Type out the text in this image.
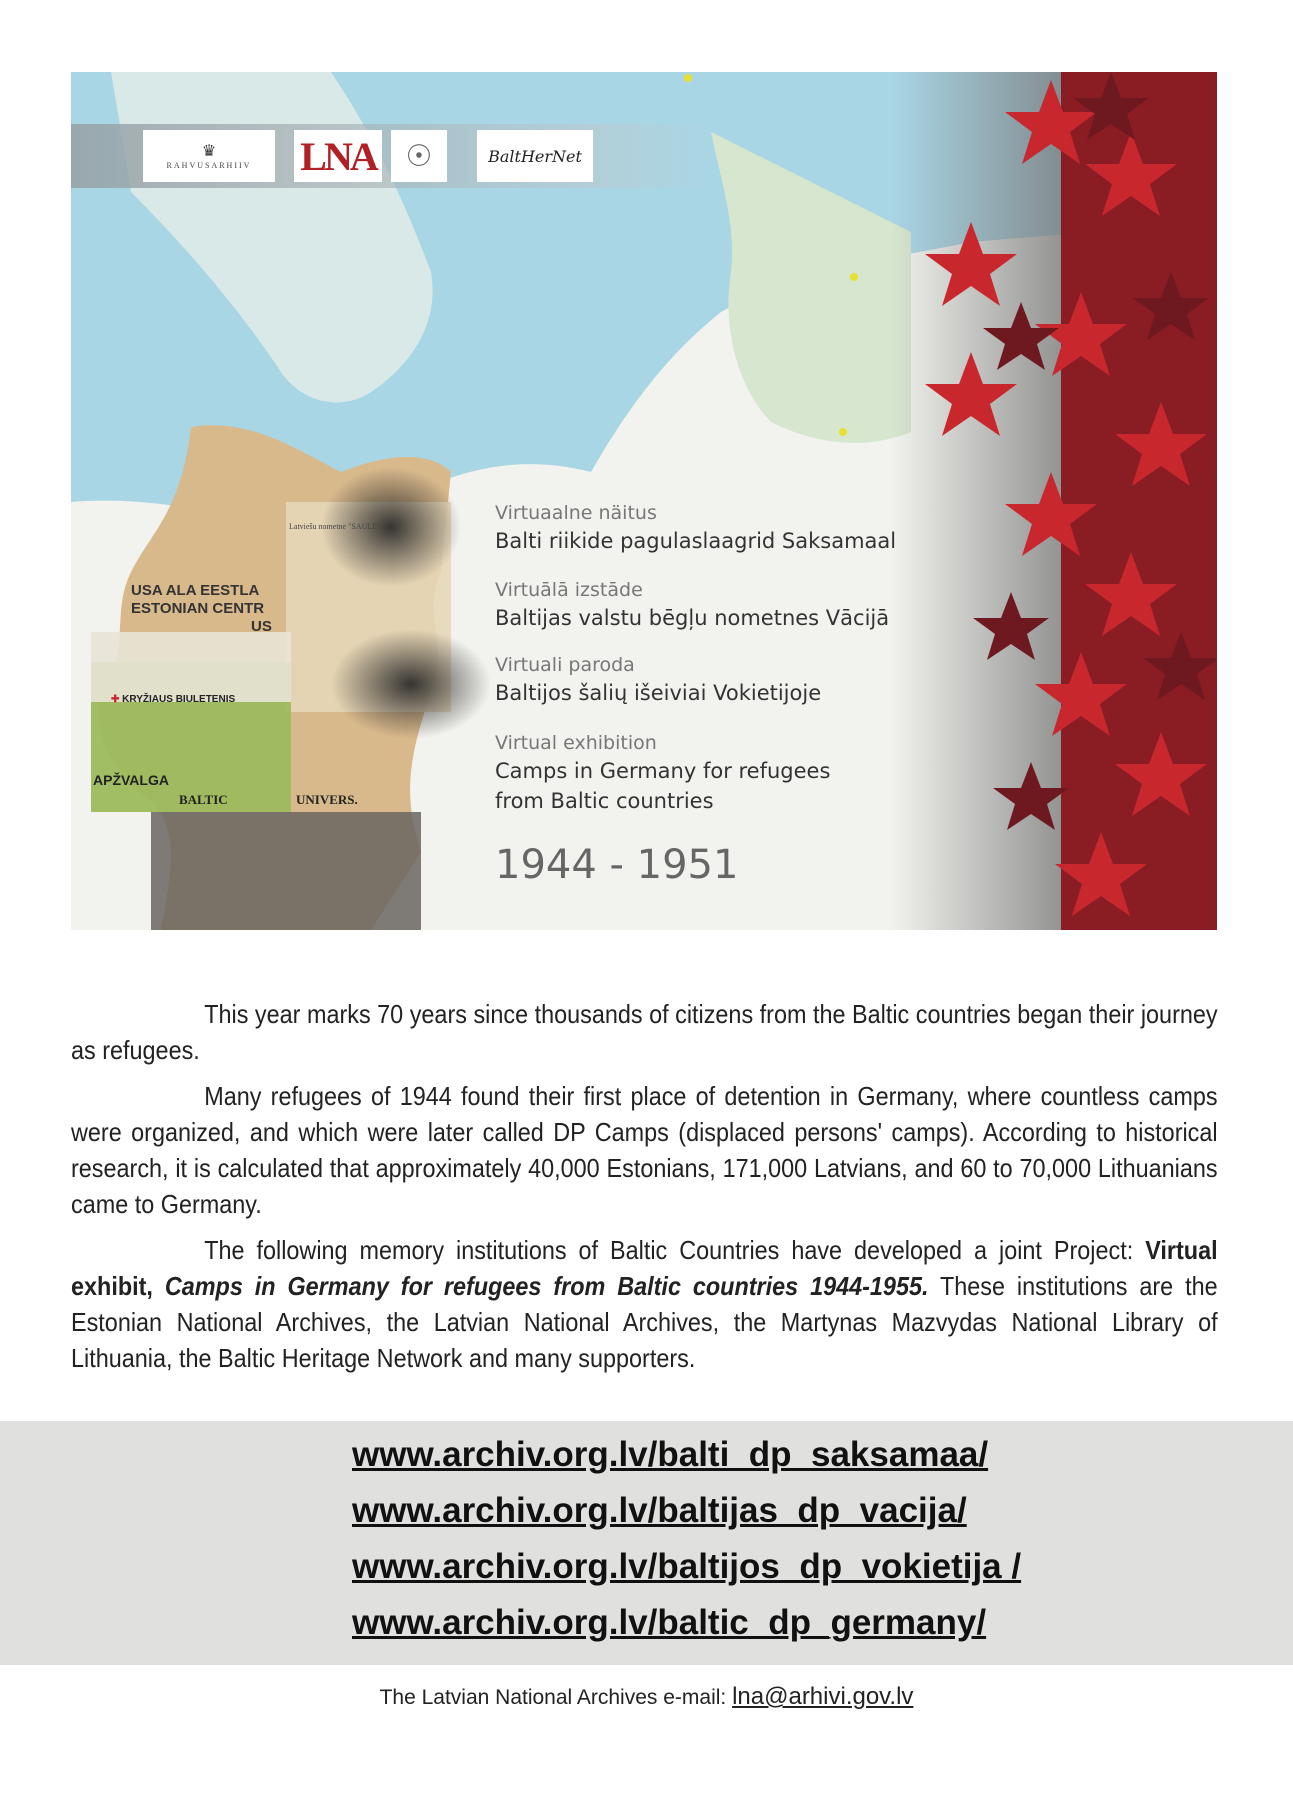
♛
RAHVUSARHIIV LNA ☉	BaltHerNet
USA ALA EESTLA
ESTONIAN CENTR
US
Latviešu nometne "SAULE"
✚ KRYŽIAUS BIULETENIS
APŽVALGA
BALTIC	UNIVERS.
Virtuaalne näitus
Balti riikide pagulaslaagrid Saksamaal
Virtuālā izstāde
Baltijas valstu bēgļu nometnes Vācijā
Virtuali paroda
Baltijos šalių išeiviai Vokietijoje
Virtual exhibition
Camps in Germany for refugees
from Baltic countries
1944 - 1951

This year marks 70 years since thousands of citizens from the Baltic countries began their journey as refugees.

Many refugees of 1944 found their first place of detention in Germany, where countless camps were organized, and which were later called DP Camps (displaced persons' camps). According to historical research, it is calculated that approximately 40,000 Estonians, 171,000 Latvians, and 60 to 70,000 Lithuanians came to Germany.

The following memory institutions of Baltic Countries have developed a joint Project: Virtual exhibit, Camps in Germany for refugees from Baltic countries 1944-1955. These institutions are the Estonian National Archives, the Latvian National Archives, the Martynas Mazvydas National Library of Lithuania, the Baltic Heritage Network and many supporters.

www.archiv.org.lv/balti_dp_saksamaa/
www.archiv.org.lv/baltijas_dp_vacija/
www.archiv.org.lv/baltijos_dp_vokietija /
www.archiv.org.lv/baltic_dp_germany/
The Latvian National Archives e-mail: lna@arhivi.gov.lv
